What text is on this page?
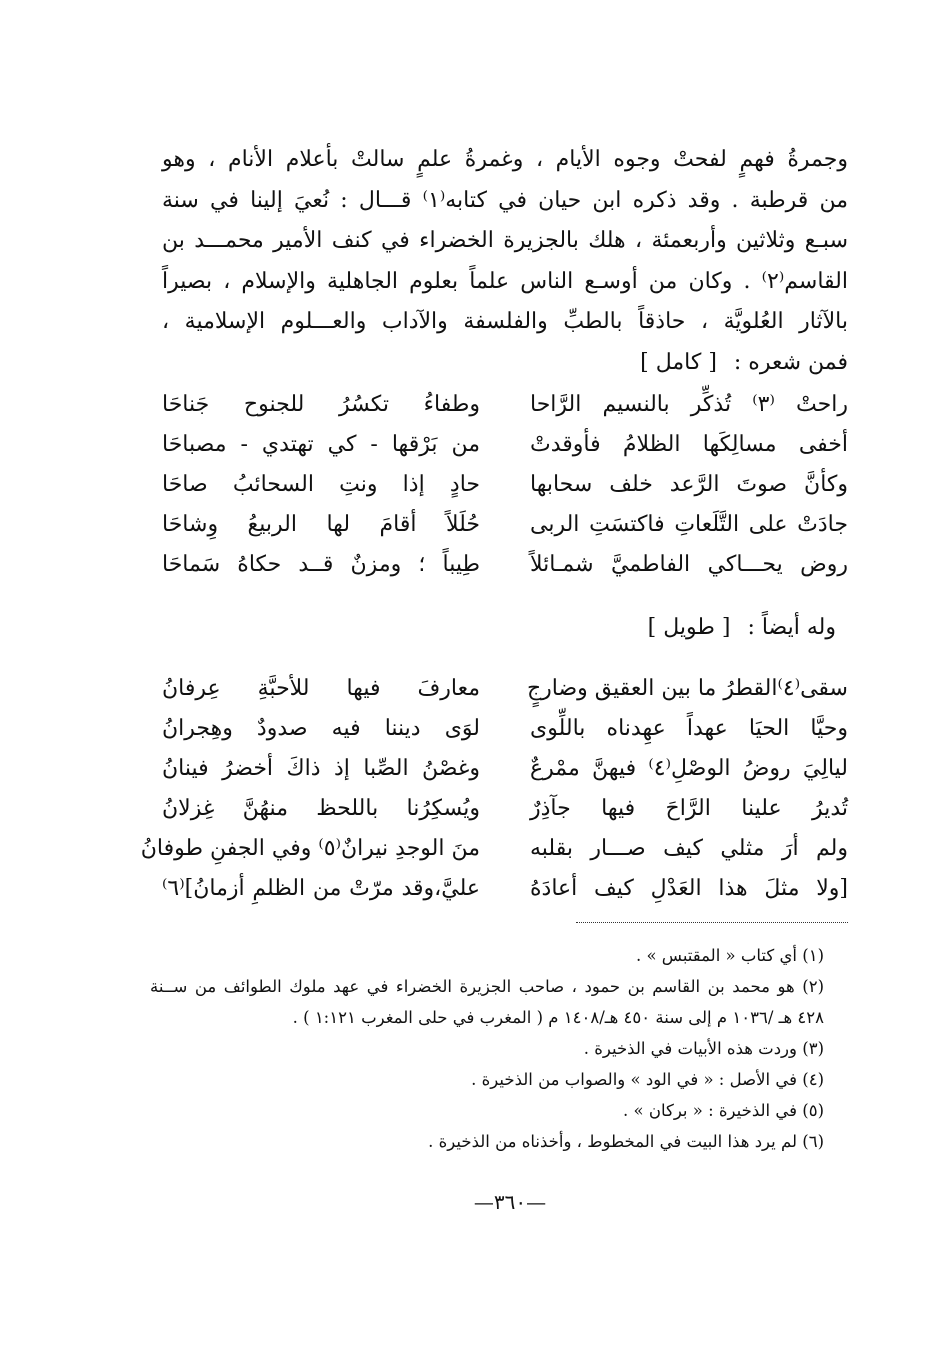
وجمرةُ فهمٍ لفحتْ وجوه الأيام ، وغمرةُ علمٍ سالتْ بأعلام الأنام ، وهو
من قرطبة . وقد ذكره ابن حيان في كتابه⁽١⁾ قـــال : نُعيَ إلينا في سنة
سبـع وثلاثين وأربعمئة ، هلك بالجزيرة الخضراء في كنف الأمير محمـــد بن
القاسم⁽٢⁾ . وكان من أوسـع الناس علماً بعلوم الجاهلية والإسلام ، بصيراً
بالآثار العُلويَّة ، حاذقاً بالطبِّ والفلسفة والآداب والعـــلوم الإسلامية ،
فمن شعره : [ كامل ]
راحتْ ⁽٣⁾ تُذكِّر بالنسيم الرَّاحا
وطفاءُ تكسُرُ للجنوح جَناحَا
أخفى مسالِكَها الظلامُ فأوقدتْ
من بَرْقها - كي تهتدي - مصباحَا
وكأنَّ صوتَ الرَّعد خلف سحابها
حادٍ إذا ونتِ السحائبُ صاحَا
جادَتْ على التَّلَعاتِ فاكتسَتِ الربى
حُلَلاً أقامَ لها الربيعُ وِشاحَا
روض يحـــاكي الفاطميَّ شمـائلاً
طِيباً ؛ ومزنٌ قــد حكاهُ سَماحَا
وله أيضاً : [ طويل ]
سقى⁽٤⁾القطرُ ما بين العقيق وضارجٍ
معارفَ فيها للأحبَّةِ عِرفانُ
وحيَّا الحيَا عهداً عهِدناه باللِّوى
لوَى ديننا فيه صدودٌ وهِجرانُ
ليالِيَ روضُ الوصْلِ⁽٤⁾ فيهنَّ ممْرعٌ
وغصْنُ الصِّبا إذ ذاكَ أخضرُ فينانُ
تُديرُ علينا الرَّاحَ فيها جآذِرٌ
ويُسكِرُنا باللحظ منهُنَّ غِزلانُ
ولم أرَ مثلي كيف صـــار بقلبه
منَ الوجدِ نيرانٌ⁽٥⁾ وفي الجفنِ طوفانُ
[ولا مثلَ هذا العَدْلِ كيف أعادَهُ
عليَّ،وقد مرّتْ من الظلمِ أزمانُ]⁽٦⁾
(١) أي كتاب « المقتبس » .
(٢) هو محمد بن القاسم بن حمود ، صاحب الجزيرة الخضراء في عهد ملوك الطوائف من ســنة
٤٢٨ هـ /١٠٣٦ م إلى سنة ٤٥٠ هـ/١٤٠٨ م ( المغرب في حلى المغرب ١:١٢١ ) .
(٣) وردت هذه الأبيات في الذخيرة .
(٤) في الأصل : « في الود » والصواب من الذخيرة .
(٥) في الذخيرة : « بركان » .
(٦) لم يرد هذا البيت في المخطوط ، وأخذناه من الذخيرة .
—٣٦٠—
